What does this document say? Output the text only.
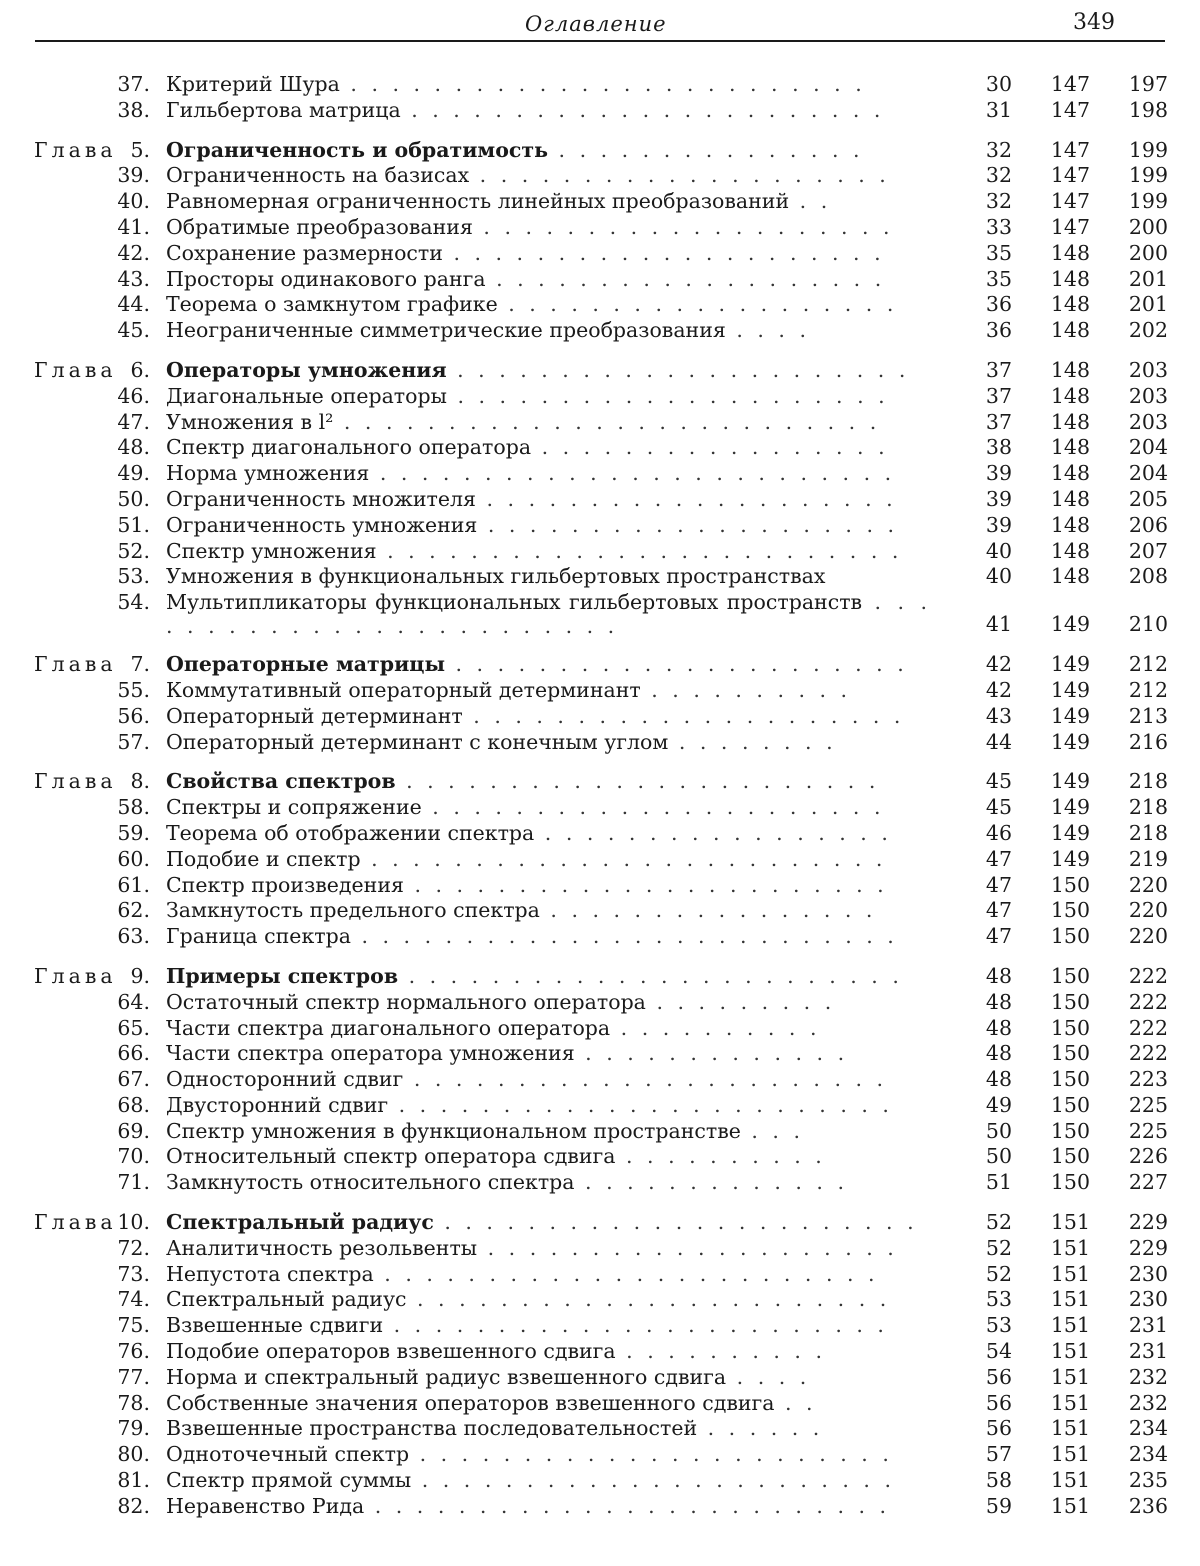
Оглавление	349
37. Критерий Шура . . . . . . . . . . . . . . . . . . . . . . . . .	30 147 197
38. Гильбертова матрица . . . . . . . . . . . . . . . . . . . . . . .	31 147 198
Глава 5. Ограниченность и обратимость . . . . . . . . . . . . . . .	32 147 199
39. Ограниченность на базисах . . . . . . . . . . . . . . . . . . . .	32 147 199
40. Равномерная ограниченность линейных преобразований . .	32 147 199
41. Обратимые преобразования . . . . . . . . . . . . . . . . . . . .	33 147 200
42. Сохранение размерности . . . . . . . . . . . . . . . . . . . . .	35 148 200
43. Просторы одинакового ранга . . . . . . . . . . . . . . . . . . .	35 148 201
44. Теорема о замкнутом графике . . . . . . . . . . . . . . . . . . .	36 148 201
45. Неограниченные симметрические преобразования . . . .	36 148 202
Глава 6. Операторы умножения . . . . . . . . . . . . . . . . . . . . . .	37 148 203
46. Диагональные операторы . . . . . . . . . . . . . . . . . . . . .	37 148 203
47. Умножения в l² . . . . . . . . . . . . . . . . . . . . . . . . . .	37 148 203
48. Спектр диагонального оператора . . . . . . . . . . . . . . . . .	38 148 204
49. Норма умножения . . . . . . . . . . . . . . . . . . . . . . . . .	39 148 204
50. Ограниченность множителя . . . . . . . . . . . . . . . . . . . .	39 148 205
51. Ограниченность умножения . . . . . . . . . . . . . . . . . . . .	39 148 206
52. Спектр умножения . . . . . . . . . . . . . . . . . . . . . . . . .	40 148 207
53. Умножения в функциональных гильбертовых пространствах	40 148 208
54. Мультипликаторы функциональных гильбертовых пространств . . . . . . . . . . . . . . . . . . . . . . . . .	41 149 210
Глава 7. Операторные матрицы . . . . . . . . . . . . . . . . . . . . . .	42 149 212
55. Коммутативный операторный детерминант . . . . . . . . . .	42 149 212
56. Операторный детерминант . . . . . . . . . . . . . . . . . . . . .	43 149 213
57. Операторный детерминант с конечным углом . . . . . . . .	44 149 216
Глава 8. Свойства спектров . . . . . . . . . . . . . . . . . . . . . . .	45 149 218
58. Спектры и сопряжение . . . . . . . . . . . . . . . . . . . . . .	45 149 218
59. Теорема об отображении спектра . . . . . . . . . . . . . . . . .	46 149 218
60. Подобие и спектр . . . . . . . . . . . . . . . . . . . . . . . . .	47 149 219
61. Спектр произведения . . . . . . . . . . . . . . . . . . . . . . .	47 150 220
62. Замкнутость предельного спектра . . . . . . . . . . . . . . . .	47 150 220
63. Граница спектра . . . . . . . . . . . . . . . . . . . . . . . . . .	47 150 220
Глава 9. Примеры спектров . . . . . . . . . . . . . . . . . . . . . . . .	48 150 222
64. Остаточный спектр нормального оператора . . . . . . . . .	48 150 222
65. Части спектра диагонального оператора . . . . . . . . . .	48 150 222
66. Части спектра оператора умножения . . . . . . . . . . . . .	48 150 222
67. Односторонний сдвиг . . . . . . . . . . . . . . . . . . . . . . .	48 150 223
68. Двусторонний сдвиг . . . . . . . . . . . . . . . . . . . . . . . .	49 150 225
69. Спектр умножения в функциональном пространстве . . .	50 150 225
70. Относительный спектр оператора сдвига . . . . . . . . . .	50 150 226
71. Замкнутость относительного спектра . . . . . . . . . . . . .	51 150 227
Глава 10. Спектральный радиус . . . . . . . . . . . . . . . . . . . . . . .	52 151 229
72. Аналитичность резольвенты . . . . . . . . . . . . . . . . . . . .	52 151 229
73. Непустота спектра . . . . . . . . . . . . . . . . . . . . . . . .	52 151 230
74. Спектральный радиус . . . . . . . . . . . . . . . . . . . . . . .	53 151 230
75. Взвешенные сдвиги . . . . . . . . . . . . . . . . . . . . . . . .	53 151 231
76. Подобие операторов взвешенного сдвига . . . . . . . . . .	54 151 231
77. Норма и спектральный радиус взвешенного сдвига . . . .	56 151 232
78. Собственные значения операторов взвешенного сдвига . .	56 151 232
79. Взвешенные пространства последовательностей . . . . . .	56 151 234
80. Одноточечный спектр . . . . . . . . . . . . . . . . . . . . . . .	57 151 234
81. Спектр прямой суммы . . . . . . . . . . . . . . . . . . . . . . .	58 151 235
82. Неравенство Рида . . . . . . . . . . . . . . . . . . . . . . . . .	59 151 236
